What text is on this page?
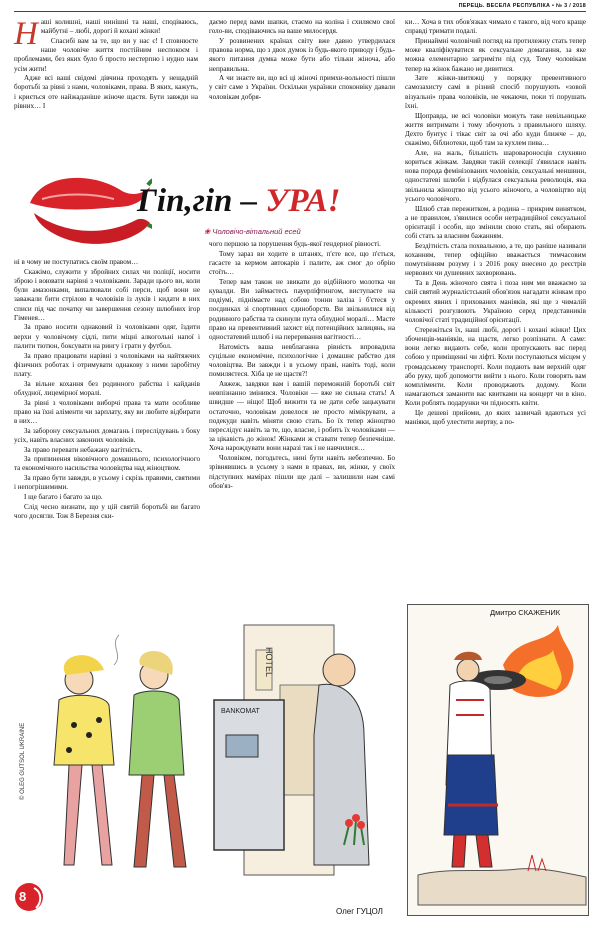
ПЕРЕЦЬ. ВЕСЕЛА РЕСПУБЛІКА • № 3 / 2018
Н аші колишні, наші нинішні та наші, сподіваюсь, майбутні – любі, дорогі й кохані жінки!

Спасибі вам за те, що ви у нас є! І сповнюєте наше чоловіче життя постійним неспокоєм і проблемами, без яких було б просто нестерпно і нудно нам усім жити!

Адже всі ваші свідомі дівчина проходять у нещадній боротьбі за рівні з нами, чоловіками, права. В яких, кажуть, і криється оте найжаданіше жіноче щастя. Бути завжди на рівних… І

даємо перед вами шапки, стаємо на коліна і схиляємо свої голо-ви, сподіваючись на ваше милосердя.

У розвинених країнах світу вже давно утвердилася правова норма, що з двох думок із будь-якого приводу і будь-якого питання думка може бути або тільки жіноча, або неправильна.

А чи знаєте ви, що всі ці жіночі примхи-вольності пішли у світ саме з України. Оскільки українки споконвіку давали чоловікам добря-

Гіп,гіп – УРА!
❀ Чоловічо-вітальний есей

ні в чому не поступатись своїм правом…

Скажімо, служити у збройних силах чи поліції, носити зброю і воювати нарівні з чоловіками. Заради цього ви, коли були амазонками, випалювали собі перси, щоб вони не заважали бити стрілою в чоловіків із луків і кидати в них списи під час початку чи завершення сезону шлюбних ігор Гіменея…

За право носити однаковий із чоловіками одяг, їздити верхи у чоловічому сідлі, пити міцні алкогольні напої і палити тютюн, боксувати на рингу і грати у футбол.

За право працювати нарівні з чоловіками на найтяжчих фізичних роботах і отримувати однакову з ними заробітну плату.

За вільне кохання без родинного рабства і кайданів облудної, лицемірної моралі.

За рівні з чоловіками виборчі права та мати особливе право на їхні аліменти чи зарплату, яку ви любите відбирати в них…

За заборону сексуальних домагань і переслідувань з боку усіх, навіть власних законних чоловіків.

За право перевати небажану вагітність.

За припинення віковічного домашнього, психологічного та економічного насильства чоловіцтва над жіноцтвом.

За право бути завжди, в усьому і скрізь правими, святими і непогрішимими.

І ще багато і багато за що.

Слід чесно визнати, що у цій святій боротьбі ви багато чого досягли. Тож 8 Березня ски-

чого першою за порушення будь-якої гендерної рівності.

Тому зараз ви ходите в штанях, п'єте все, що п'ється, гасаєте за кермом автокарів і палите, аж смог до обрію стоїть…

Тепер вам також не звикати до відбійного молотка чи кувалди. Ви займаєтесь пауерліфтингом, виступаєте на подіумі, піднімаєте над собою тонни заліза і б'єтеся у поєдинках зі спортивних єдиноборств. Ви звільнилися від родинного рабства та скинули пута облудної моралі… Масте право на превентивний захист від потенційних залицянь, на одностатевий шлюб і на переривання вагітності…

Натомість ваша невблаганна рівність впровадила суцільне економічне, психологічне і домашнє рабство для чоловіцтва. Ви завжди і в усьому праві, навіть тоді, коли помиляєтеся. Хіба це не щастя?!

Авжеж, завдяки вам і вашій переможній боротьбі світ невпізнанно змінився. Чоловіки — вже не сильна стать! А швидше — ніщо! Щоб вижити та не дати себе зацькувати остаточно, чоловікам довелося не просто мімікрувати, а подекуди навіть міняти свою стать. Бо їх тепер жіноцтво переслідує навіть за те, що, власне, і робить їх чоловіками — за цікавість до жінок! Жінками ж ставати тепер безпечніше. Хоча нарождувати вони наразі так і не навчилися…

Чоловіком, погодьтесь, нині бути навіть небезпечно. Бо зрівнявшись в усьому з нами в правах, ви, жінки, у своїх підступних мамірах пішли ще далі – залишили нам самі обов'яз-

ки… Хоча в тих обов'язках чимало є такого, від чого краще справді тримати подалі.

Принаймні чоловічий погляд на протилежну стать тепер може кваліфікуватися як сексуальне домагання, за яке можна елементарно загриміти під суд. Тому чоловікам тепер на жінок бажано не дивитися.

Зате жінки-звитяжці у порядку превентивного самозахисту самі в різний спосіб порушують «зовой візуальні» права чоловіків, не чекаючи, поки ті порушать їхні.

Щоправда, не всі чоловіки можуть таке невільницьке життя витримати і тому збочують з правильного шляху. Дехто бунтує і тікає світ за очі або куди ближче – до, скажімо, біблиотеки, щоб там за кухлем пива…

Але, на жаль, більшість шаровароносців слухняно кориться жінкам. Завдяки такій селекції з'явилася навіть нова порода фемінізованих чоловіків, сексуальні меншини, одностатеві шлюби і відбулася сексуальна революція, яка звільнила жіноцтво від усього жіночого, а чоловіцтво від усього чоловічого.

Шлюб став пережитком, а родина – прикрим винятком, а не правилом, з'явилися особи нетрадиційної сексуальної орієнтації і особи, що змінили свою стать, які обирають собі стать за власним бажанням.

Бездітність стала похвальною, а те, що раніше називали коханням, тепер офіційно вважається тимчасовим помутнінням розуму і з 2016 року внесено до реєстрів нервових чи душевних захворювань.

Та в День жіночого свята і поза ним ми вважаємо за свій святий журналістський обов'язок нагадати жінкам про окремих явних і прихованих маніяків, які ще з чималій кількості розгулюють Україною серед представників чоловічої статі традиційної орієнтації.

Стережіться їх, наші любі, дорогі і кохані жінки! Цих збоченців-маніяків, на щастя, легко розпізнати. А саме: вони легко видають себе, коли пропускають вас перед собою у приміщенні чи ліфті. Коли поступаються місцем у громадському транспорті. Коли подають вам верхній одяг або руку, щоб допомогти вийти з нього. Коли говорять вам компліменти. Коли проводжають додому. Коли намагаються заманити вас квитками на концерт чи в кіно. Коли роблять подарунки чи підносять квіти.

Це дешеві прийоми, до яких зазвичай вдаються усі маніяки, щоб улестити жертву, а по-

HOTEL
BANKOMAT
© OLEG GUTSOL UKRAINE
Олег ГУЦОЛ
Дмитро СКАЖЕНИК
8
